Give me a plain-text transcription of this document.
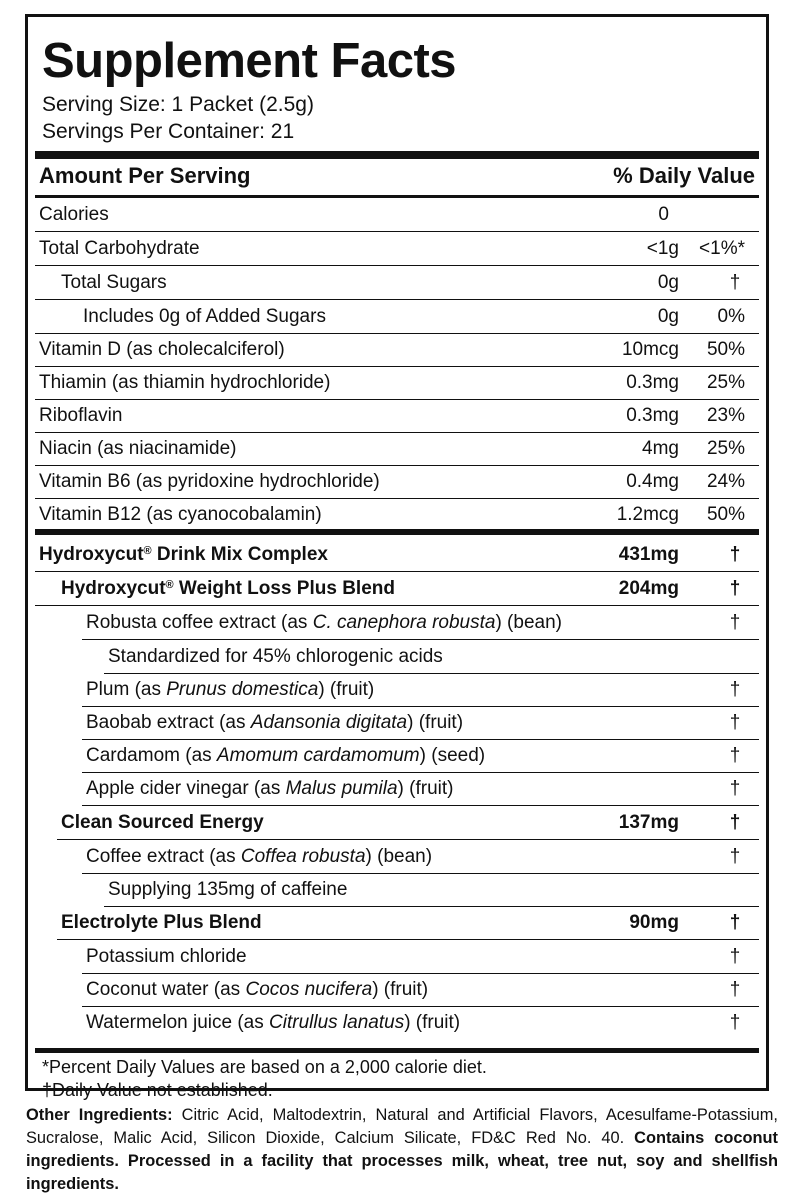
Supplement Facts
Serving Size: 1 Packet (2.5g)
Servings Per Container: 21
Amount Per Serving	% Daily Value
Calories	0
Total Carbohydrate	<1g	<1%*
Total Sugars	0g	†
Includes 0g of Added Sugars	0g	0%
Vitamin D (as cholecalciferol)	10mcg	50%
Thiamin (as thiamin hydrochloride)	0.3mg	25%
Riboflavin	0.3mg	23%
Niacin (as niacinamide)	4mg	25%
Vitamin B6 (as pyridoxine hydrochloride)	0.4mg	24%
Vitamin B12 (as cyanocobalamin)	1.2mcg	50%
Hydroxycut® Drink Mix Complex	431mg	†
Hydroxycut® Weight Loss Plus Blend	204mg	†
Robusta coffee extract (as C. canephora robusta) (bean)	†
Standardized for 45% chlorogenic acids
Plum (as Prunus domestica) (fruit)	†
Baobab extract (as Adansonia digitata) (fruit)	†
Cardamom (as Amomum cardamomum) (seed)	†
Apple cider vinegar (as Malus pumila) (fruit)	†
Clean Sourced Energy	137mg	†
Coffee extract (as Coffea robusta) (bean)	†
Supplying 135mg of caffeine
Electrolyte Plus Blend	90mg	†
Potassium chloride	†
Coconut water (as Cocos nucifera) (fruit)	†
Watermelon juice (as Citrullus lanatus) (fruit)	†
*Percent Daily Values are based on a 2,000 calorie diet.
†Daily Value not established.
Other Ingredients: Citric Acid, Maltodextrin, Natural and Artificial Flavors, Acesulfame-Potassium, Sucralose, Malic Acid, Silicon Dioxide, Calcium Silicate, FD&C Red No. 40. Contains coconut ingredients. Processed in a facility that processes milk, wheat, tree nut, soy and shellfish ingredients.
